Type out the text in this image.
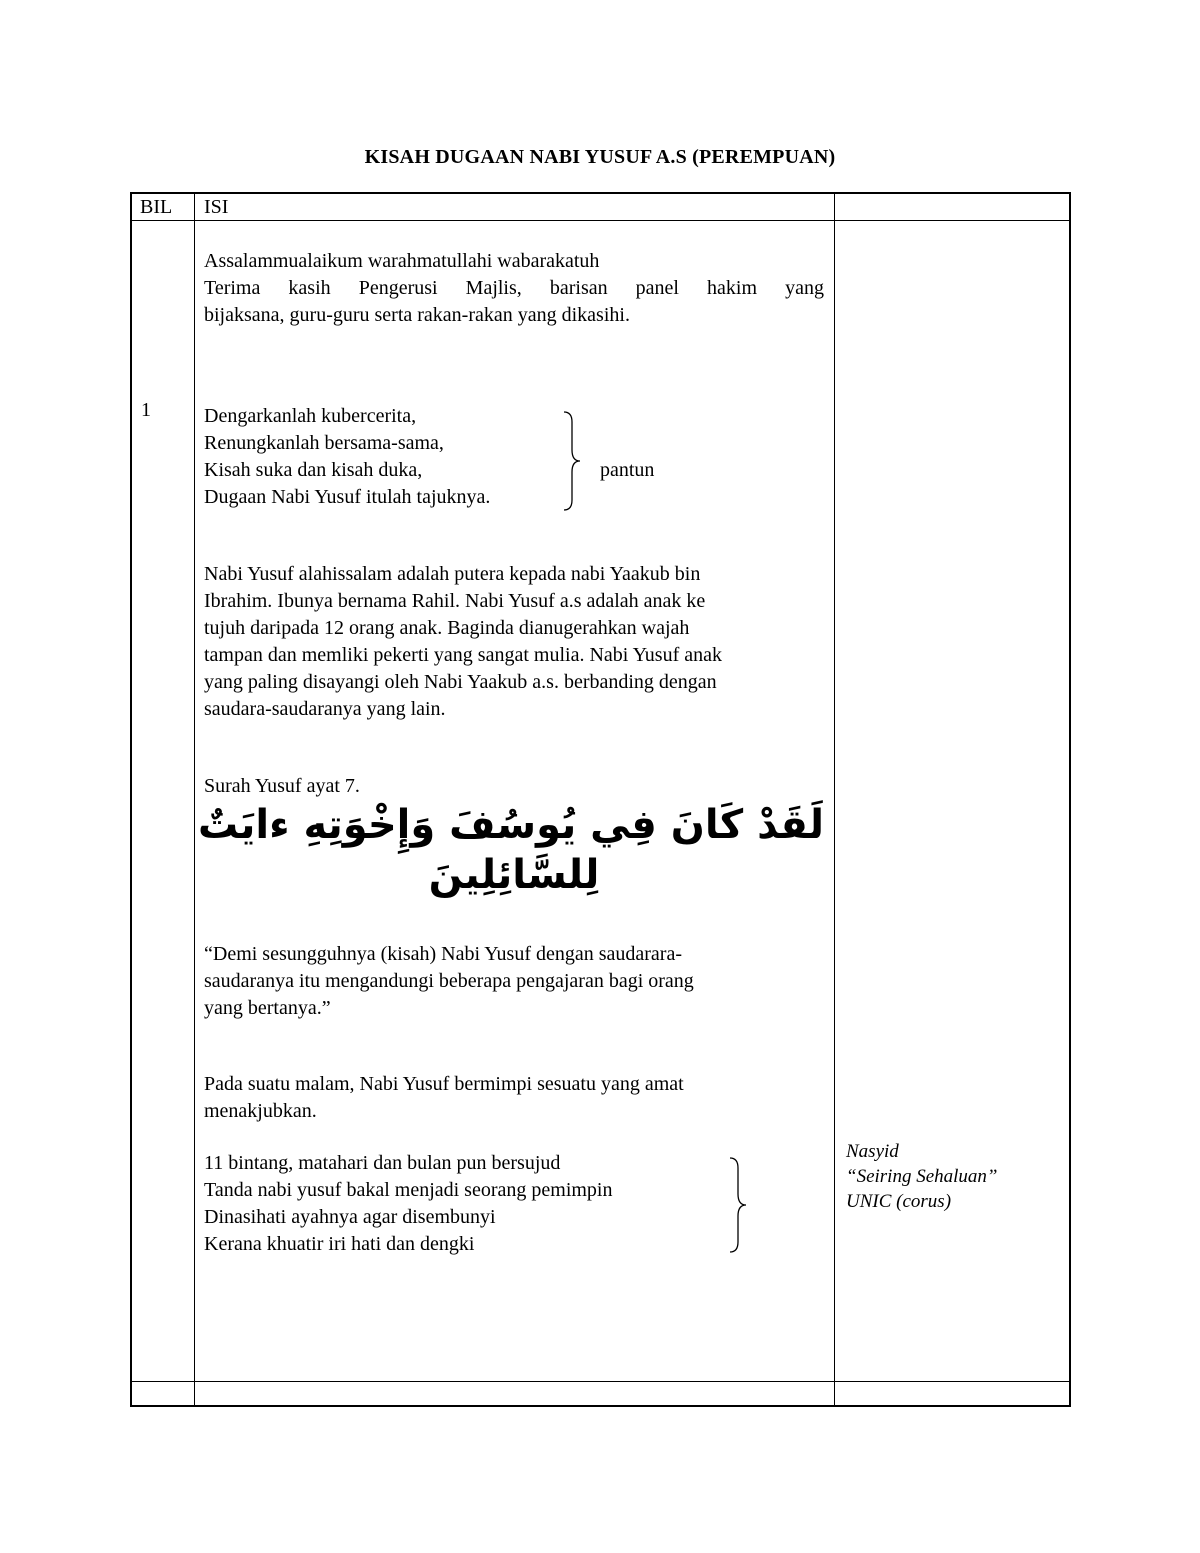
KISAH DUGAAN NABI YUSUF A.S (PEREMPUAN)
BIL ISI
1

Assalammualaikum warahmatullahi wabarakatuh

Terima kasih Pengerusi Majlis, barisan panel hakim yang

bijaksana, guru-guru serta rakan-rakan yang dikasihi.

Dengarkanlah kubercerita,

Renungkanlah bersama-sama,

Kisah suka dan kisah duka,

Dugaan Nabi Yusuf itulah tajuknya.

pantun

Nabi Yusuf alahissalam adalah putera kepada nabi Yaakub bin

Ibrahim. Ibunya bernama Rahil. Nabi Yusuf a.s adalah anak ke

tujuh daripada 12 orang anak. Baginda dianugerahkan wajah

tampan dan memliki pekerti yang sangat mulia. Nabi Yusuf anak

yang paling disayangi oleh Nabi Yaakub a.s. berbanding dengan

saudara-saudaranya yang lain.

Surah Yusuf ayat 7.

لَقَدْ كَانَ فِي يُوسُفَ وَإِخْوَتِهِ ءايَتٌ

لِلسَّائِلِينَ

“Demi sesungguhnya (kisah) Nabi Yusuf dengan saudarara-

saudaranya itu mengandungi beberapa pengajaran bagi orang

yang bertanya.”

Pada suatu malam, Nabi Yusuf bermimpi sesuatu yang amat

menakjubkan.

11 bintang, matahari dan bulan pun bersujud

Tanda nabi yusuf bakal menjadi seorang pemimpin

Dinasihati ayahnya agar disembunyi

Kerana khuatir iri hati dan dengki

Nasyid

“Seiring Sehaluan”

UNIC (corus)
